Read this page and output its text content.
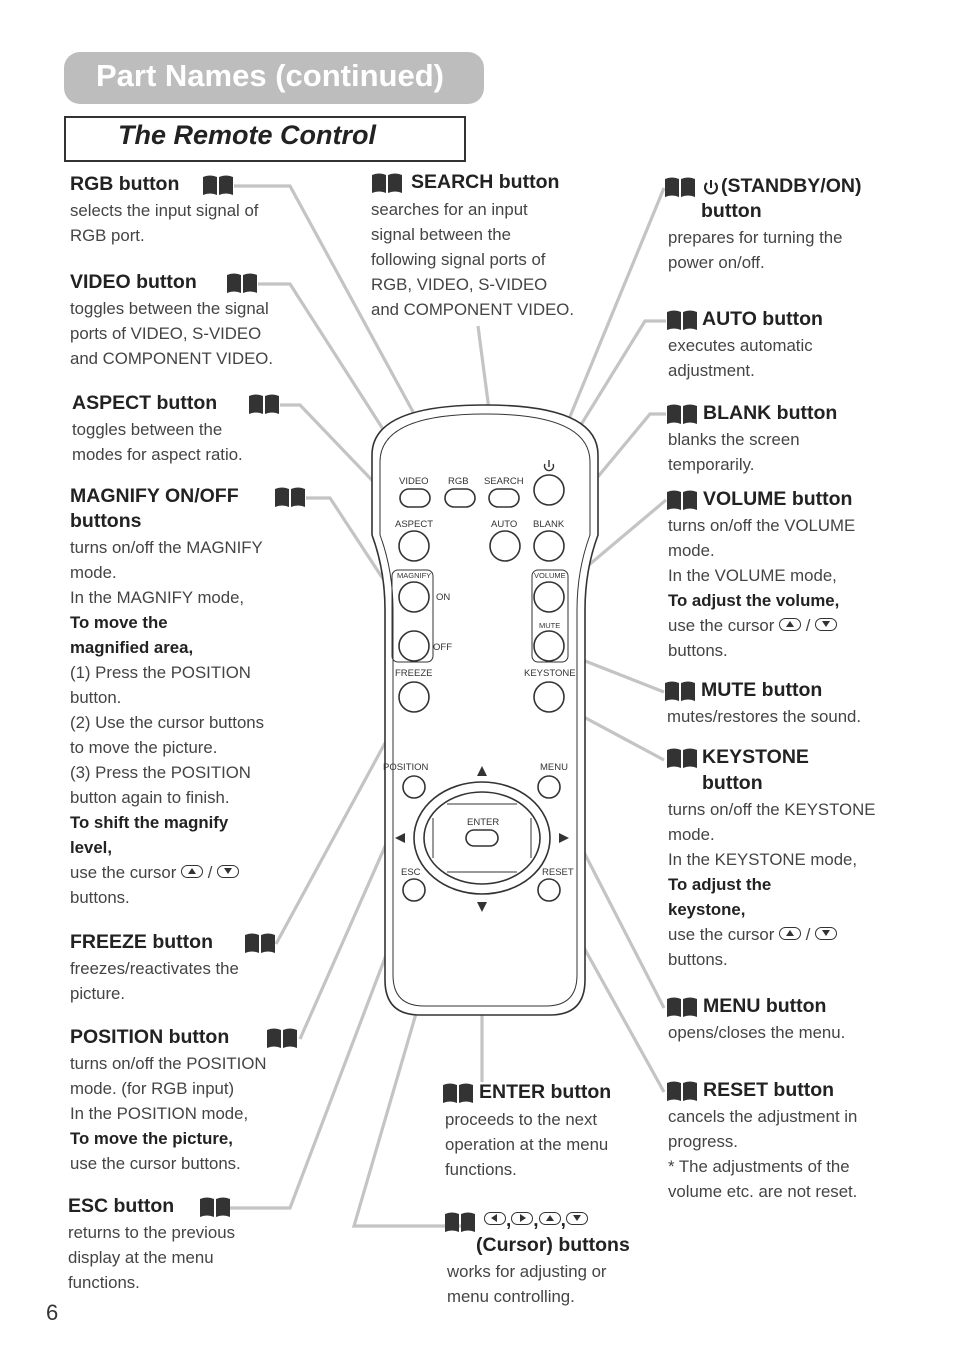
Part Names (continued)
The Remote Control
VIDEO RGB SEARCH
ASPECT	AUTO BLANK
MAGNIFY
ON
OFF
VOLUME
MUTE
FREEZE	KEYSTONE
POSITION	MENU
ENTER
ESC	RESET
RGB button
selects the input signal of
RGB port.
VIDEO button
toggles between the signal
ports of VIDEO, S-VIDEO
and COMPONENT VIDEO.
ASPECT button
toggles between the
modes for aspect ratio.
MAGNIFY ON/OFF
buttons
turns on/off the MAGNIFY
mode.
In the MAGNIFY mode,
To move the
magnified area,
(1) Press the POSITION
button.
(2) Use the cursor buttons
to move the picture.
(3) Press the POSITION
button again to finish.
To shift the magnify
level,
use the cursor /
buttons.
FREEZE button
freezes/reactivates the
picture.
POSITION button
turns on/off the POSITION
mode. (for RGB input)
In the POSITION mode,
To move the picture,
use the cursor buttons.
ESC button
returns to the previous
display at the menu
functions.
SEARCH button
searches for an input
signal between the
following signal ports of
RGB, VIDEO, S-VIDEO
and COMPONENT VIDEO.
ENTER button
proceeds to the next
operation at the menu
functions.
, , ,
(Cursor) buttons
works for adjusting or
menu controlling.
(STANDBY/ON)
button
prepares for turning the
power on/off.
AUTO button
executes automatic
adjustment.
BLANK button
blanks the screen
temporarily.
VOLUME button
turns on/off the VOLUME
mode.
In the VOLUME mode,
To adjust the volume,
use the cursor /
buttons.
MUTE button
mutes/restores the sound.
KEYSTONE
button
turns on/off the KEYSTONE
mode.
In the KEYSTONE mode,
To adjust the
keystone,
use the cursor /
buttons.
MENU button
opens/closes the menu.
RESET button
cancels the adjustment in
progress.
* The adjustments of the
volume etc. are not reset.
6
